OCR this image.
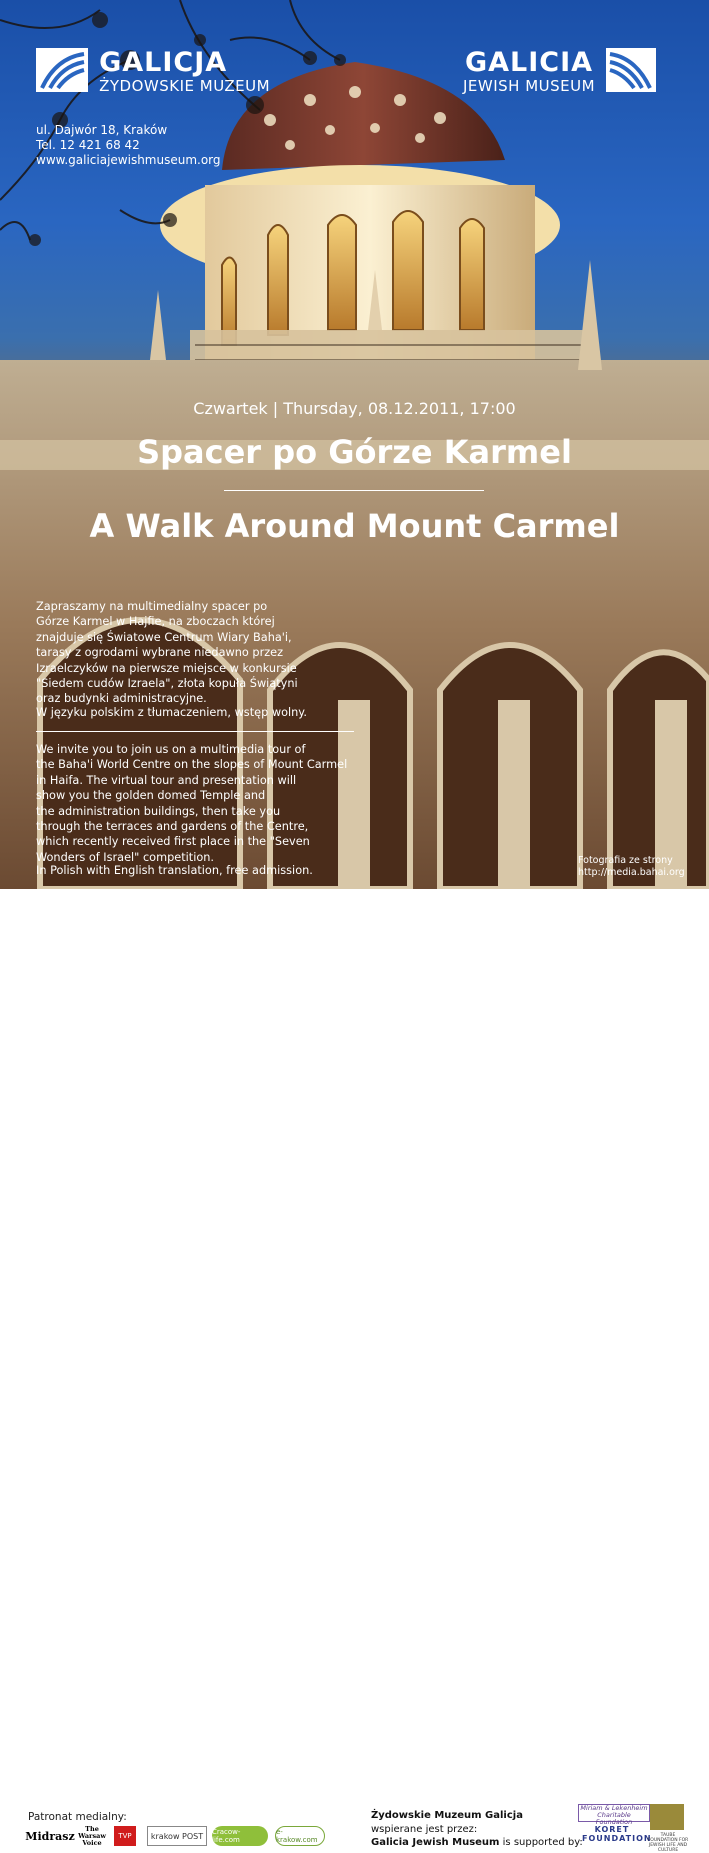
GALICJA
ŻYDOWSKIE MUZEUM
GALICIA
JEWISH MUSEUM

ul. Dajwór 18, Kraków
Tel. 12 421 68 42
www.galiciajewishmuseum.org
Czwartek | Thursday, 08.12.2011, 17:00
Spacer po Górze Karmel
A Walk Around Mount Carmel
Zapraszamy na multimedialny spacer po
Górze Karmel w Hajfie, na zboczach której
znajduje się Światowe Centrum Wiary Baha'i,
tarasy z ogrodami wybrane niedawno przez
Izraelczyków na pierwsze miejsce w konkursie
"Siedem cudów Izraela", złota kopuła Świątyni
oraz budynki administracyjne.
W języku polskim z tłumaczeniem, wstęp wolny.
We invite you to join us on a multimedia tour of
the Baha'i World Centre on the slopes of Mount Carmel
in Haifa. The virtual tour and presentation will
show you the golden domed Temple and
the administration buildings, then take you
through the terraces and gardens of the Centre,
which recently received first place in the "Seven
Wonders of Israel" competition.
In Polish with English translation, free admission.
Fotografia ze strony
http://media.bahai.org
Patronat medialny:
Midrasz
The Warsaw Voice
TVP	krakow POST	Cracow-life.com
e-krakow.com
Żydowskie Muzeum Galicja
wspierane jest przez:
Galicia Jewish Museum is supported by:
Miriam & Lekenheim Charitable Foundation
KORET FOUNDATION	TAUBE FOUNDATION FOR JEWISH LIFE AND CULTURE
